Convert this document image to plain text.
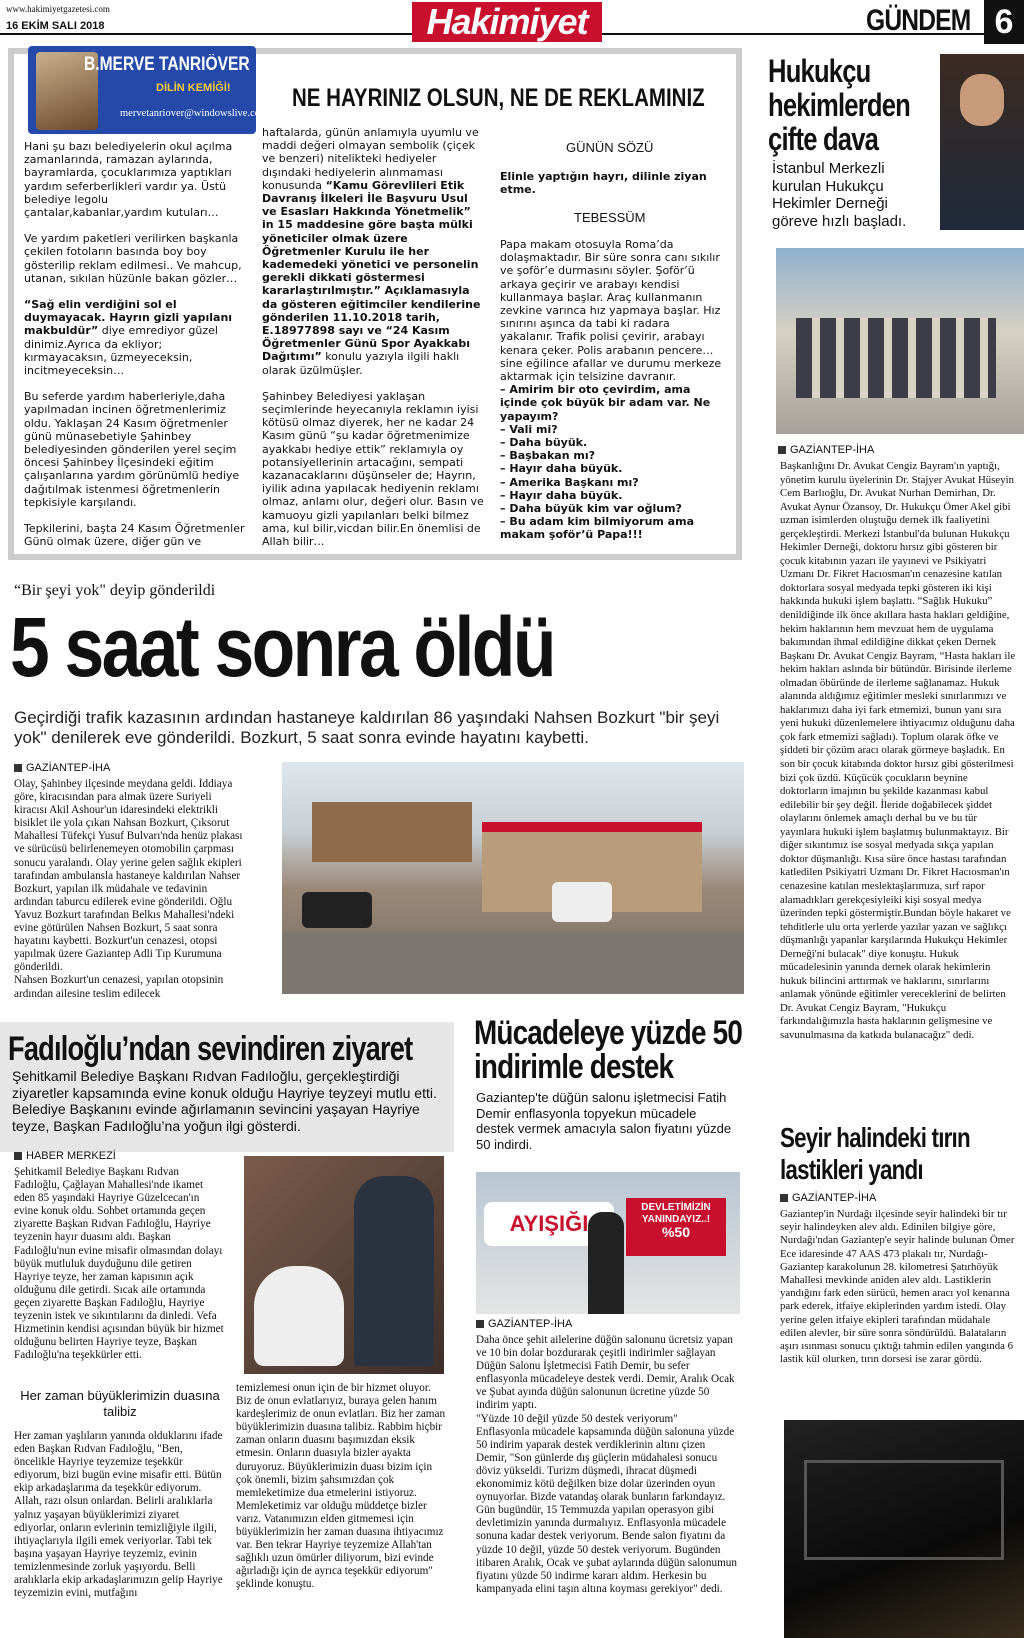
www.hakimiyetgazetesi.com
16 EKİM SALI 2018	Hakimiyet	GÜNDEM 6
B.MERVE TANRIÖVER
DİLİN KEMİĞİ!
mervetanriover@windowslive.com
NE HAYRINIZ OLSUN, NE DE REKLAMINIZ

Hani şu bazı belediyelerin okul açılma zamanlarında, ramazan aylarında, bayramlarda, çocuklarımıza yaptıkları yardım seferberlikleri vardır ya. Üstü belediye legolu çantalar,kabanlar,yardım kutuları…

Ve yardım paketleri verilirken başkanla çekilen fotoların basında boy boy gösterilip reklam edilmesi.. Ve mahcup, utanan, sıkılan hüzünle bakan gözler…

“Sağ elin verdiğini sol el duymayacak. Hayrın gizli yapılanı makbuldür” diye emrediyor güzel dinimiz.Ayrıca da ekliyor; kırmayacaksın, üzmeyeceksin, incitmeyeceksin…

Bu seferde yardım haberleriyle,daha yapılmadan incinen öğretmenlerimiz oldu. Yaklaşan 24 Kasım öğretmenler günü münasebetiyle Şahinbey belediyesinden gönderilen yerel seçim öncesi Şahinbey İlçesindeki eğitim çalışanlarına yardım görünümlü hediye dağıtılmak istenmesi öğretmenlerin tepkisiyle karşılandı.

Tepkilerini, başta 24 Kasım Öğretmenler Günü olmak üzere, diğer gün ve

haftalarda, günün anlamıyla uyumlu ve maddi değeri olmayan sembolik (çiçek ve benzeri) nitelikteki hediyeler dışındaki hediyelerin alınmaması konusunda “Kamu Görevlileri Etik Davranış İlkeleri İle Başvuru Usul ve Esasları Hakkında Yönetmelik” in 15 maddesine göre başta mülki yöneticiler olmak üzere Öğretmenler Kurulu ile her kademedeki yönetici ve personelin gerekli dikkati göstermesi kararlaştırılmıştır.” Açıklamasıyla da gösteren eğitimciler kendilerine gönderilen 11.10.2018 tarih, E.18977898 sayı ve “24 Kasım Öğretmenler Günü Spor Ayakkabı Dağıtımı” konulu yazıyla ilgili haklı olarak üzülmüşler.

Şahinbey Belediyesi yaklaşan seçimlerinde heyecanıyla reklamın iyisi kötüsü olmaz diyerek, her ne kadar 24 Kasım günü “şu kadar öğretmenimize ayakkabı hediye ettik” reklamıyla oy potansiyellerinin artacağını, sempati kazanacaklarını düşünseler de; Hayrın, iyilik adına yapılacak hediyenin reklamı olmaz, anlamı olur, değeri olur. Basın ve kamuoyu gizli yapılanları belki bilmez ama, kul bilir,vicdan bilir.En önemlisi de Allah bilir…

GÜNÜN SÖZÜ
Elinle yaptığın hayrı, dilinle ziyan etme.
TEBESSÜM
Papa makam otosuyla Roma’da dolaşmaktadır. Bir süre sonra canı sıkılır ve şoför’e durmasını söyler. Şoför’ü arkaya geçirir ve arabayı kendisi kullanmaya başlar. Araç kullanmanın zevkine varınca hız yapmaya başlar. Hız sınırını aşınca da tabi ki radara yakalanır. Trafik polisi çevirir, arabayı kenara çeker. Polis arabanın pencere…sine eğilince afallar ve durumu merkeze aktarmak için telsizine davranır.
– Amirim bir oto çevirdim, ama içinde çok büyük bir adam var. Ne yapayım?
– Vali mi?
– Daha büyük.
– Başbakan mı?
– Hayır daha büyük.
– Amerika Başkanı mı?
– Hayır daha büyük.
– Daha büyük kim var oğlum?
– Bu adam kim bilmiyorum ama makam şoför’ü Papa!!!
“Bir şeyi yok" deyip gönderildi
5 saat sonra öldü
Geçirdiği trafik kazasının ardından hastaneye kaldırılan 86 yaşındaki Nahsen Bozkurt "bir şeyi yok" denilerek eve gönderildi. Bozkurt, 5 saat sonra evinde hayatını kaybetti.
GAZİANTEP-İHA
Olay, Şahinbey ilçesinde meydana geldi. İddiaya göre, kiracısından para almak üzere Suriyeli kiracısı Akil Ashour'un idaresindeki elektrikli bisiklet ile yola çıkan Nahsan Bozkurt, Çıksorut Mahallesi Tüfekçi Yusuf Bulvarı'nda henüz plakası ve sürücüsü belirlenemeyen otomobilin çarpması sonucu yaralandı. Olay yerine gelen sağlık ekipleri tarafından ambulansla hastaneye kaldırılan Nahser Bozkurt, yapılan ilk müdahale ve tedavinin ardından taburcu edilerek evine gönderildi. Oğlu Yavuz Bozkurt tarafından Belkıs Mahallesi'ndeki evine götürülen Nahsen Bozkurt, 5 saat sonra hayatını kaybetti. Bozkurt'un cenazesi, otopsi yapılmak üzere Gaziantep Adli Tıp Kurumuna gönderildi.
Nahsen Bozkurt'un cenazesi, yapılan otopsinin ardından ailesine teslim edilecek
Fadıloğlu’ndan sevindiren ziyaret
Şehitkamil Belediye Başkanı Rıdvan Fadıloğlu, gerçekleştirdiği ziyaretler kapsamında evine konuk olduğu Hayriye teyzeyi mutlu etti. Belediye Başkanını evinde ağırlamanın sevincini yaşayan Hayriye teyze, Başkan Fadıloğlu’na yoğun ilgi gösterdi.
HABER MERKEZİ
Şehitkamil Belediye Başkanı Rıdvan Fadıloğlu, Çağlayan Mahallesi'nde ikamet eden 85 yaşındaki Hayriye Güzelcecan'ın evine konuk oldu. Sohbet ortamında geçen ziyarette Başkan Rıdvan Fadıloğlu, Hayriye teyzenin hayır duasını aldı. Başkan Fadıloğlu'nun evine misafir olmasından dolayı büyük mutluluk duyduğunu dile getiren Hayriye teyze, her zaman kapısının açık olduğunu dile getirdi. Sıcak aile ortamında geçen ziyarette Başkan Fadıloğlu, Hayriye teyzenin istek ve sıkıntılarını da dinledi. Vefa Hizmetinin kendisi açısından büyük bir hizmet olduğunu belirten Hayriye teyze, Başkan Fadıloğlu'na teşekkürler etti.
Her zaman büyüklerimizin duasına talibiz
Her zaman yaşlıların yanında olduklarını ifade eden Başkan Rıdvan Fadıloğlu, "Ben, öncelikle Hayriye teyzemize teşekkür ediyorum, bizi bugün evine misafir etti. Bütün ekip arkadaşlarıma da teşekkür ediyorum. Allah, razı olsun onlardan. Belirli aralıklarla yalnız yaşayan büyüklerimizi ziyaret ediyorlar, onların evlerinin temizliğiyle ilgili, ihtiyaçlarıyla ilgili emek veriyorlar. Tabi tek başına yaşayan Hayriye teyzemiz, evinin temizlenmesinde zorluk yaşıyordu. Belli aralıklarla ekip arkadaşlarımızın gelip Hayriye teyzemizin evini, mutfağını
temizlemesi onun için de bir hizmet oluyor. Biz de onun evlatlarıyız, buraya gelen hanım kardeşlerimiz de onun evlatları. Biz her zaman büyüklerimizin duasına talibiz. Rabbim hiçbir zaman onların duasını başımızdan eksik etmesin. Onların duasıyla bizler ayakta duruyoruz. Büyüklerimizin duası bizim için çok önemli, bizim şahsımızdan çok memleketimize dua etmelerini istiyoruz. Memleketimiz var olduğu müddetçe bizler varız. Vatanımızın elden gitmemesi için büyüklerimizin her zaman duasına ihtiyacımız var. Ben tekrar Hayriye teyzemize Allah'tan sağlıklı uzun ömürler diliyorum, bizi evinde ağırladığı için de ayrıca teşekkür ediyorum" şeklinde konuştu.
Mücadeleye yüzde 50 indirimle destek
Gaziantep'te düğün salonu işletmecisi Fatih Demir enflasyonla topyekun mücadele destek vermek amacıyla salon fiyatını yüzde 50 indirdi.
AYIŞIĞI
DEVLETİMİZİN YANINDAYIZ..!
%50
GAZİANTEP-İHA
Daha önce şehit ailelerine düğün salonunu ücretsiz yapan ve 10 bin dolar bozdurarak çeşitli indirimler sağlayan Düğün Salonu İşletmecisi Fatih Demir, bu sefer enflasyonla mücadeleye destek verdi. Demir, Aralık Ocak ve Şubat ayında düğün salonunun ücretine yüzde 50 indirim yaptı.
"Yüzde 10 değil yüzde 50 destek veriyorum"
Enflasyonla mücadele kapsamında düğün salonuna yüzde 50 indirim yaparak destek verdiklerinin altını çizen Demir, "Son günlerde dış güçlerin müdahalesi sonucu döviz yükseldi. Turizm düşmedi, ihracat düşmedi ekonomimiz kötü değilken bize dolar üzerinden oyun oynuyorlar. Bizde vatandaş olarak bunların farkındayız. Gün bugündür, 15 Temmuzda yapılan operasyon gibi devletimizin yanında durmalıyız. Enflasyonla mücadele sonuna kadar destek veriyorum. Bende salon fiyatını da yüzde 10 değil, yüzde 50 destek veriyorum. Bugünden itibaren Aralık, Ocak ve şubat aylarında düğün salonumun fiyatını yüzde 50 indirme kararı aldım. Herkesin bu kampanyada elini taşın altına koyması gerekiyor" dedi.
Hukukçu hekimlerden çifte dava
İstanbul Merkezli kurulan Hukukçu Hekimler Derneği göreve hızlı başladı.
GAZİANTEP-İHA
Başkanlığını Dr. Avukat Cengiz Bayram'ın yaptığı, yönetim kurulu üyelerinin Dr. Stajyer Avukat Hüseyin Cem Barlıoğlu, Dr. Avukat Nurhan Demirhan, Dr. Avukat Aynur Özansoy, Dr. Hukukçu Ömer Akel gibi uzman isimlerden oluştuğu dernek ilk faaliyetini gerçekleştirdi. Merkezi İstanbul'da bulunan Hukukçu Hekimler Derneği, doktoru hırsız gibi gösteren bir çocuk kitabının yazarı ile yayınevi ve Psikiyatri Uzmanı Dr. Fikret Hacıosman'ın cenazesine katılan doktorlara sosyal medyada tepki gösteren iki kişi hakkında hukuki işlem başlattı. “Sağlık Hukuku” denildiğinde ilk önce akıllara hasta hakları geldiğine, hekim haklarının hem mevzuat hem de uygulama bakımından ihmal edildiğine dikkat çeken Dernek Başkanı Dr. Avukat Cengiz Bayram, “Hasta hakları ile hekim hakları aslında bir bütündür. Birisinde ilerleme olmadan öbüründe de ilerleme sağlanamaz. Hukuk alanında aldığımız eğitimler mesleki sınırlarımızı ve haklarımızı daha iyi fark etmemizi, bunun yanı sıra yeni hukuki düzenlemelere ihtiyacımız olduğunu daha çok fark etmemizi sağladı). Toplum olarak öfke ve şiddeti bir çözüm aracı olarak görmeye başladık. En son bir çocuk kitabında doktor hırsız gibi gösterilmesi bizi çok üzdü. Küçücük çocukların beynine doktorların imajının bu şekilde kazanması kabul edilebilir bir şey değil. İleride doğabilecek şiddet olaylarını önlemek amaçlı derhal bu ve bu tür yayınlara hukuki işlem başlatmış bulunmaktayız. Bir diğer sıkıntımız ise sosyal medyada sıkça yapılan doktor düşmanlığı. Kısa süre önce hastası tarafından katledilen Psikiyatri Uzmanı Dr. Fikret Hacıosman'ın cenazesine katılan meslektaşlarımıza, sırf rapor alamadıkları gerekçesiyleiki kişi sosyal medya üzerinden tepki göstermiştir.Bundan böyle hakaret ve tehditlerle ulu orta yerlerde yazılar yazan ve sağlıkçı düşmanlığı yapanlar karşılarında Hukukçu Hekimler Derneği'ni bulacak" diye konuştu. Hukuk mücadelesinin yanında dernek olarak hekimlerin hukuk bilincini arttırmak ve haklarını, sınırlarını anlamak yönünde eğitimler vereceklerini de belirten Dr. Avukat Cengiz Bayram, "Hukukçu farkındalığımızla hasta haklarının gelişmesine ve savunulmasına da katkıda bulanacağız" dedi.
Seyir halindeki tırın lastikleri yandı
GAZİANTEP-İHA
Gaziantep'in Nurdağı ilçesinde seyir halindeki bir tır seyir halindeyken alev aldı. Edinilen bilgiye göre, Nurdağı'ndan Gaziantep'e seyir halinde bulunan Ömer Ece idaresinde 47 AAS 473 plakalı tır, Nurdağı-Gaziantep karakolunun 28. kilometresi Şatırhöyük Mahallesi mevkinde aniden alev aldı. Lastiklerin yandığını fark eden sürücü, hemen aracı yol kenarına park ederek, itfaiye ekiplerinden yardım istedi. Olay yerine gelen itfaiye ekipleri tarafından müdahale edilen alevler, bir süre sonra söndürüldü. Balataların aşırı ısınması sonucu çıktığı tahmin edilen yangında 6 lastik kül olurken, tırın dorsesi ise zarar gördü.
